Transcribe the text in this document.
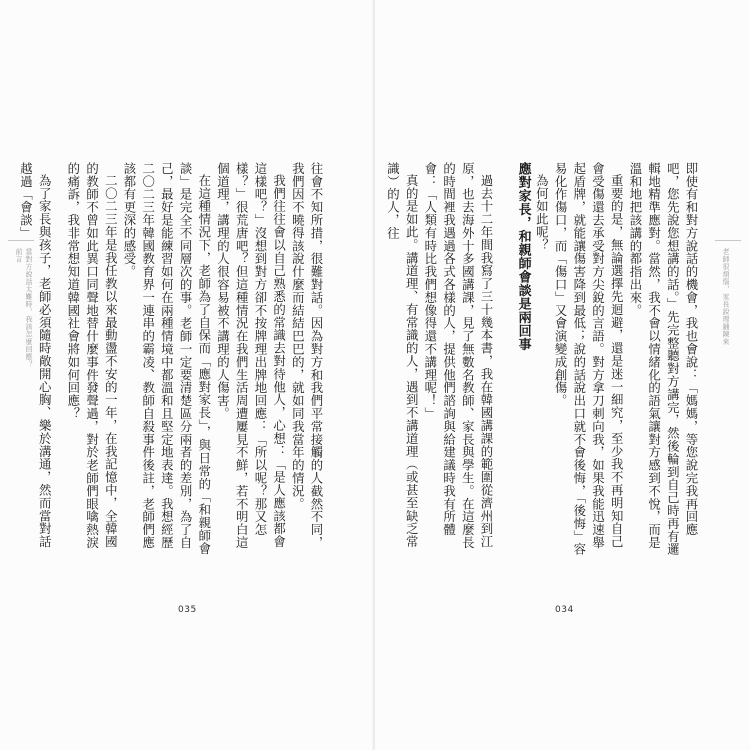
前言 當對方說話太難時，我該怎麼回應？	往會不知所措，很難對話。因為對方和我們平常接觸的人截然不同，我們因不曉得該說什麼而結結巴巴的，就如同我當年的情況。

我們往往會以自己熟悉的常識去對待他人，心想：「是人應該都會這樣吧？」沒想到對方卻不按牌理出牌地回應：「所以呢？那又怎樣？」很荒唐吧？但這種情況在我們生活周遭屢見不鮮，若不明白這個道理，講理的人很容易被不講理的人傷害。

在這種情況下，老師為了自保而「應對家長」，與日常的「和親師會談」是完全不同層次的事。老師一定要清楚區分兩者的差別，為了自己，最好是能練習如何在兩種情境中都溫和且堅定地表達。我想經歷二〇二三年韓國教育界一連串的霸凌、教師自殺事件後註，老師們應該都有更深的感受。

二〇二三年是我任教以來最動盪不安的一年，在我記憶中，全韓國的教師不曾如此異口同聲地替什麼事件發聲過，對於老師們眼噙熱淚的痛訴，我非常想知道韓國社會將如何回應？

為了家長與孩子，老師必須隨時敞開心胸、樂於溝通，然而當對話越過「會談」

035
老師很煩惱，家長說理鋪陳來

即使有和對方說話的機會，我也會說：「媽媽，等您說完我再回應吧，您先說您想講的話。」先完整聽對方講完，然後輪到自己時再有邏輯地精準應對。當然，我不會以情緒化的語氣讓對方感到不悅，而是溫和地把該講的都指出來。

重要的是，無論選擇先迴避，還是迷一細究，至少我不再明知自己會受傷還去承受對方尖銳的言語。對方拿刀刺向我，如果我能迅速舉起盾牌，就能讓傷害降到最低；說的話說出口就不會後悔，「後悔」容易化作傷口，而「傷口」又會演變成創傷。

為何如此呢？

應對家長，和親師會談是兩回事

過去十二年間我寫了三十幾本書，我在韓國講課的範圍從濟州到江原，也去海外十多國講課，見了無數名教師、家長與學生。在這麼長的時間裡我遇過各式各樣的人，提供他們諮詢與給建議時我有所體會：「人類有時比我們想像得還不講理呢！」

真的是如此。講道理、有常識的人，遇到不講道理（或甚至缺乏常識）的人，往

034
